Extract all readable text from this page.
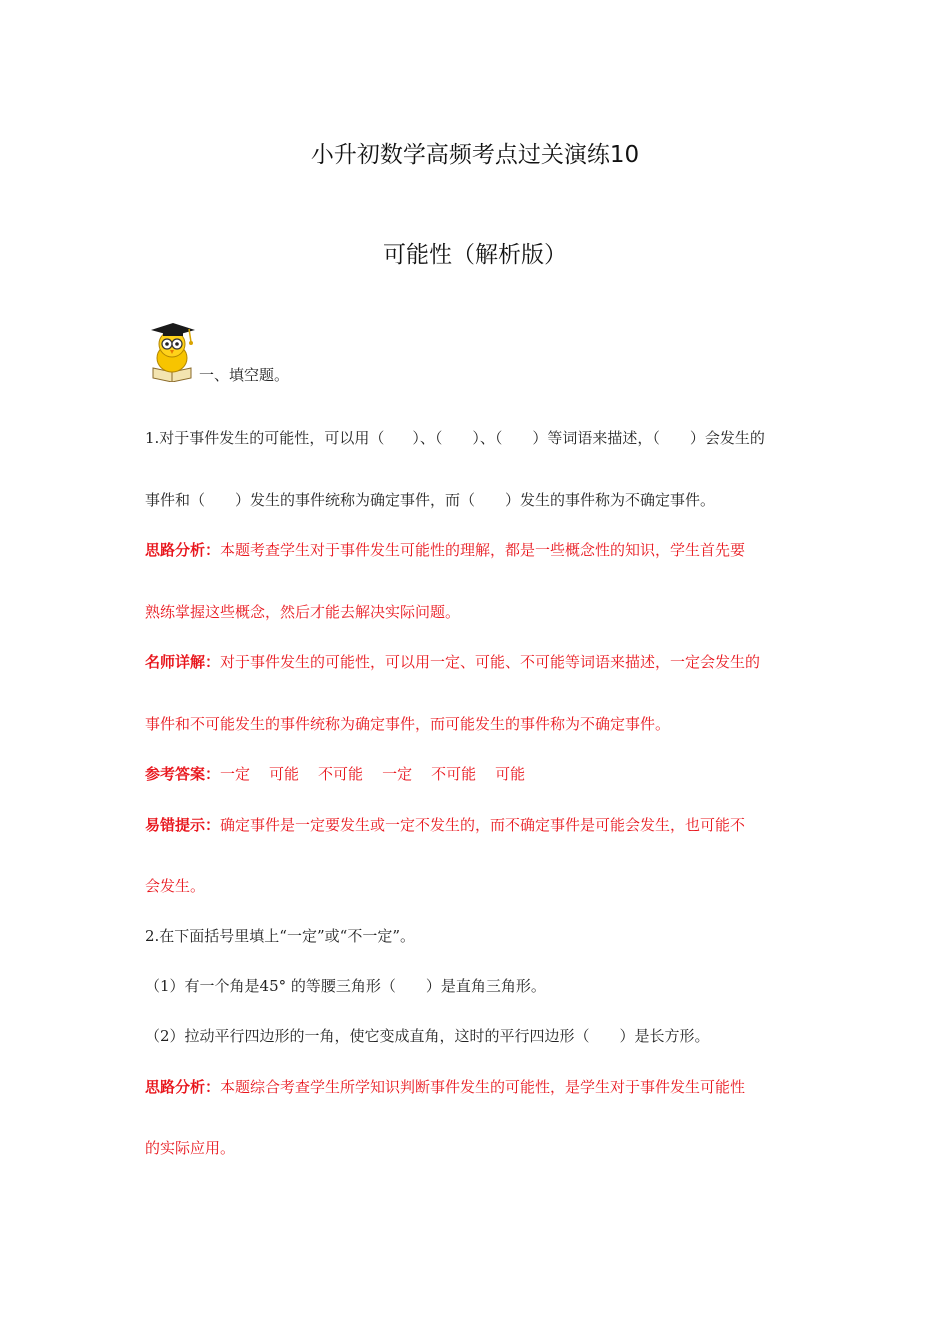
小升初数学高频考点过关演练10
可能性（解析版）
一、填空题。
1.对于事件发生的可能性，可以用（ ）、（ ）、（ ）等词语来描述，（ ）会发生的
事件和（ ）发生的事件统称为确定事件，而（ ）发生的事件称为不确定事件。
思路分析：本题考查学生对于事件发生可能性的理解，都是一些概念性的知识，学生首先要
熟练掌握这些概念，然后才能去解决实际问题。
名师详解：对于事件发生的可能性，可以用一定、可能、不可能等词语来描述，一定会发生的
事件和不可能发生的事件统称为确定事件，而可能发生的事件称为不确定事件。
参考答案：一定 可能 不可能 一定 不可能 可能
易错提示：确定事件是一定要发生或一定不发生的，而不确定事件是可能会发生，也可能不
会发生。
2.在下面括号里填上“一定”或“不一定”。
（1）有一个角是45° 的等腰三角形（ ）是直角三角形。
（2）拉动平行四边形的一角，使它变成直角，这时的平行四边形（ ）是长方形。
思路分析：本题综合考查学生所学知识判断事件发生的可能性，是学生对于事件发生可能性
的实际应用。
